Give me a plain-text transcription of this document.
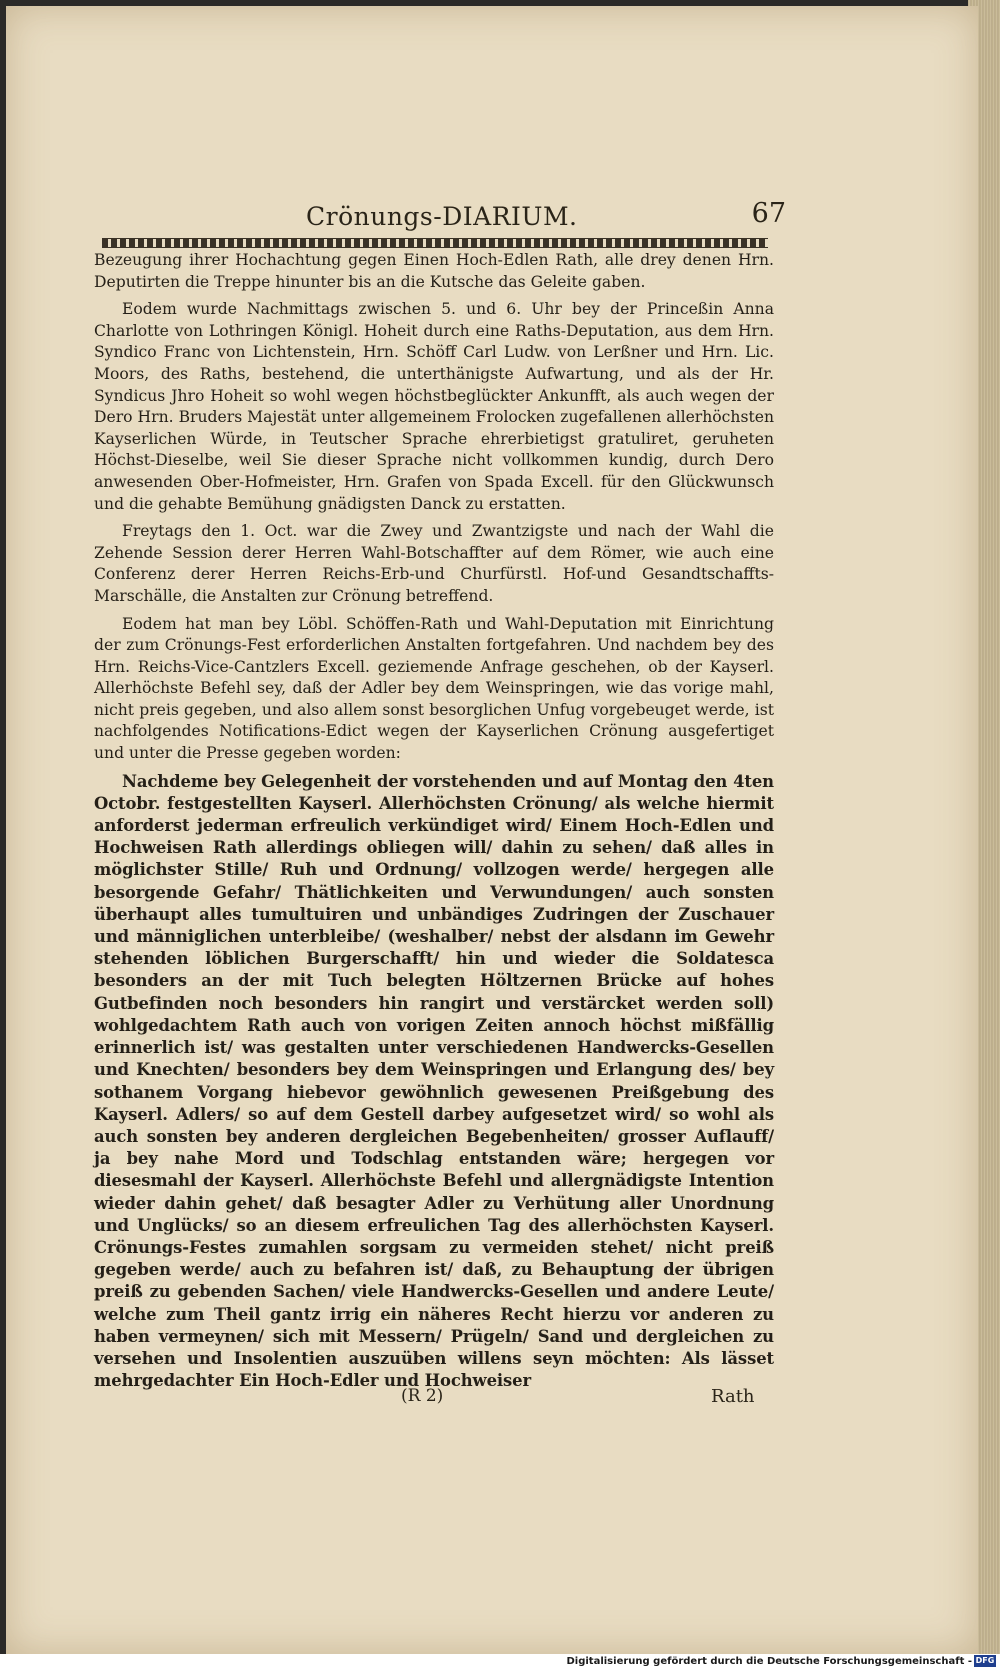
Crönungs-DIARIUM.	67

Bezeugung ihrer Hochachtung gegen Einen Hoch-Edlen Rath, alle drey denen Hrn. Deputirten die Treppe hinunter bis an die Kutsche das Geleite gaben.

Eodem wurde Nachmittags zwischen 5. und 6. Uhr bey der Princeßin Anna Charlotte von Lothringen Königl. Hoheit durch eine Raths-Deputation, aus dem Hrn. Syndico Franc von Lichtenstein, Hrn. Schöff Carl Ludw. von Lerßner und Hrn. Lic. Moors, des Raths, bestehend, die unterthänigste Aufwartung, und als der Hr. Syndicus Jhro Hoheit so wohl wegen höchstbeglückter Ankunfft, als auch wegen der Dero Hrn. Bruders Majestät unter allgemeinem Frolocken zugefallenen allerhöchsten Kayserlichen Würde, in Teutscher Sprache ehrerbietigst gratuliret, geruheten Höchst-Dieselbe, weil Sie dieser Sprache nicht vollkommen kundig, durch Dero anwesenden Ober-Hofmeister, Hrn. Grafen von Spada Excell. für den Glückwunsch und die gehabte Bemühung gnädigsten Danck zu erstatten.

Freytags den 1. Oct. war die Zwey und Zwantzigste und nach der Wahl die Zehende Session derer Herren Wahl-Botschaffter auf dem Römer, wie auch eine Conferenz derer Herren Reichs-Erb-und Churfürstl. Hof-und Gesandtschaffts-Marschälle, die Anstalten zur Crönung betreffend.

Eodem hat man bey Löbl. Schöffen-Rath und Wahl-Deputation mit Einrichtung der zum Crönungs-Fest erforderlichen Anstalten fortgefahren. Und nachdem bey des Hrn. Reichs-Vice-Cantzlers Excell. geziemende Anfrage geschehen, ob der Kayserl. Allerhöchste Befehl sey, daß der Adler bey dem Weinspringen, wie das vorige mahl, nicht preis gegeben, und also allem sonst besorglichen Unfug vorgebeuget werde, ist nachfolgendes Notifications-Edict wegen der Kayserlichen Crönung ausgefertiget und unter die Presse gegeben worden:

Nachdeme bey Gelegenheit der vorstehenden und auf Montag den 4ten Octobr. festgestellten Kayserl. Allerhöchsten Crönung/ als welche hiermit anforderst jederman erfreulich verkündiget wird/ Einem Hoch-Edlen und Hochweisen Rath allerdings obliegen will/ dahin zu sehen/ daß alles in möglichster Stille/ Ruh und Ordnung/ vollzogen werde/ hergegen alle besorgende Gefahr/ Thätlichkeiten und Verwundungen/ auch sonsten überhaupt alles tumultuiren und unbändiges Zudringen der Zuschauer und männiglichen unterbleibe/ (weshalber/ nebst der alsdann im Gewehr stehenden löblichen Burgerschafft/ hin und wieder die Soldatesca besonders an der mit Tuch belegten Höltzernen Brücke auf hohes Gutbefinden noch besonders hin rangirt und verstärcket werden soll) wohlgedachtem Rath auch von vorigen Zeiten annoch höchst mißfällig erinnerlich ist/ was gestalten unter verschiedenen Handwercks-Gesellen und Knechten/ besonders bey dem Weinspringen und Erlangung des/ bey sothanem Vorgang hiebevor gewöhnlich gewesenen Preißgebung des Kayserl. Adlers/ so auf dem Gestell darbey aufgesetzet wird/ so wohl als auch sonsten bey anderen dergleichen Begebenheiten/ grosser Auflauff/ ja bey nahe Mord und Todschlag entstanden wäre; hergegen vor diesesmahl der Kayserl. Allerhöchste Befehl und allergnädigste Intention wieder dahin gehet/ daß besagter Adler zu Verhütung aller Unordnung und Unglücks/ so an diesem erfreulichen Tag des allerhöchsten Kayserl. Crönungs-Festes zumahlen sorgsam zu vermeiden stehet/ nicht preiß gegeben werde/ auch zu befahren ist/ daß, zu Behauptung der übrigen preiß zu gebenden Sachen/ viele Handwercks-Gesellen und andere Leute/ welche zum Theil gantz irrig ein näheres Recht hierzu vor anderen zu haben vermeynen/ sich mit Messern/ Prügeln/ Sand und dergleichen zu versehen und Insolentien auszuüben willens seyn möchten: Als lässet mehrgedachter Ein Hoch-Edler und Hochweiser

(R 2)	Rath
Digitalisierung gefördert durch die Deutsche Forschungsgemeinschaft - DFG
